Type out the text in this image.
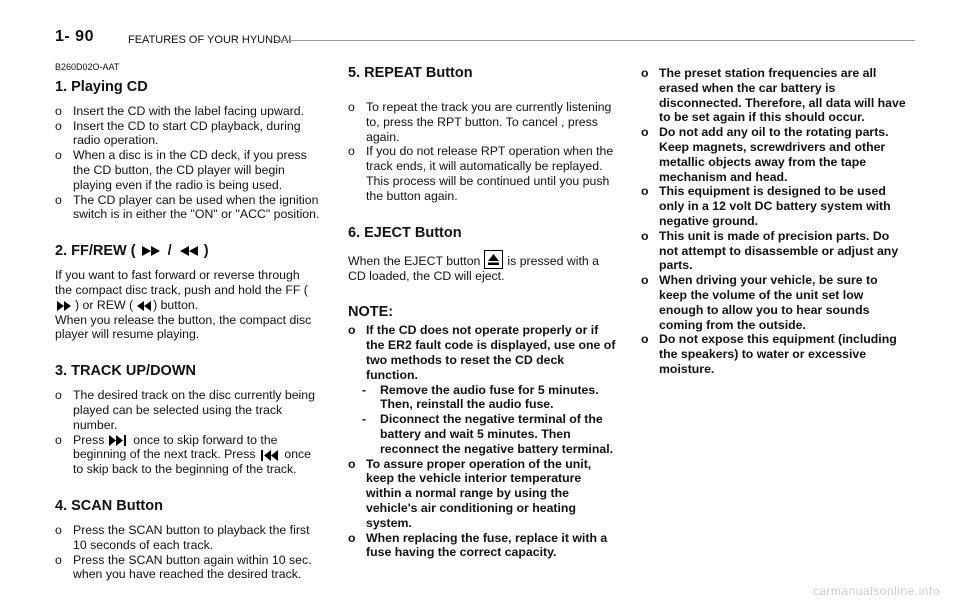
1- 90	FEATURES OF YOUR HYUNDAI
B260D02O-AAT
1. Playing CD
o Insert the CD with the label facing upward.
o Insert the CD to start CD playback, during radio operation.
o When a disc is in the CD deck, if you press the CD button, the CD player will begin playing even if the radio is being used.
o The CD player can be used when the ignition switch is in either the "ON" or "ACC" position.
2. FF/REW ( / )

If you want to fast forward or reverse through the compact disc track, push and hold the FF () or REW ( ) button.

When you release the button, the compact disc player will resume playing.

3. TRACK UP/DOWN
o The desired track on the disc currently being played can be selected using the track number.
o Press once to skip forward to the beginning of the next track. Press once to skip back to the beginning of the track.
4. SCAN Button
o Press the SCAN button to playback the first 10 seconds of each track.
o Press the SCAN button again within 10 sec. when you have reached the desired track.
5. REPEAT Button
o To repeat the track you are currently listening to, press the RPT button. To cancel , press again.
o If you do not release RPT operation when the track ends, it will automatically be replayed. This process will be continued until you push the button again.
6. EJECT Button

When the EJECT button is pressed with a CD loaded, the CD will eject.

NOTE:
o If the CD does not operate properly or if the ER2 fault code is displayed, use one of two methods to reset the CD deck function.
- Remove the audio fuse for 5 minutes. Then, reinstall the audio fuse.
- Diconnect the negative terminal of the battery and wait 5 minutes. Then reconnect the negative battery terminal.
o To assure proper operation of the unit, keep the vehicle interior temperature within a normal range by using the vehicle's air conditioning or heating system.
o When replacing the fuse, replace it with a fuse having the correct capacity.
o The preset station frequencies are all erased when the car battery is disconnected. Therefore, all data will have to be set again if this should occur.
o Do not add any oil to the rotating parts. Keep magnets, screwdrivers and other metallic objects away from the tape mechanism and head.
o This equipment is designed to be used only in a 12 volt DC battery system with negative ground.
o This unit is made of precision parts. Do not attempt to disassemble or adjust any parts.
o When driving your vehicle, be sure to keep the volume of the unit set low enough to allow you to hear sounds coming from the outside.
o Do not expose this equipment (including the speakers) to water or excessive moisture.
carmanualsonline.info
